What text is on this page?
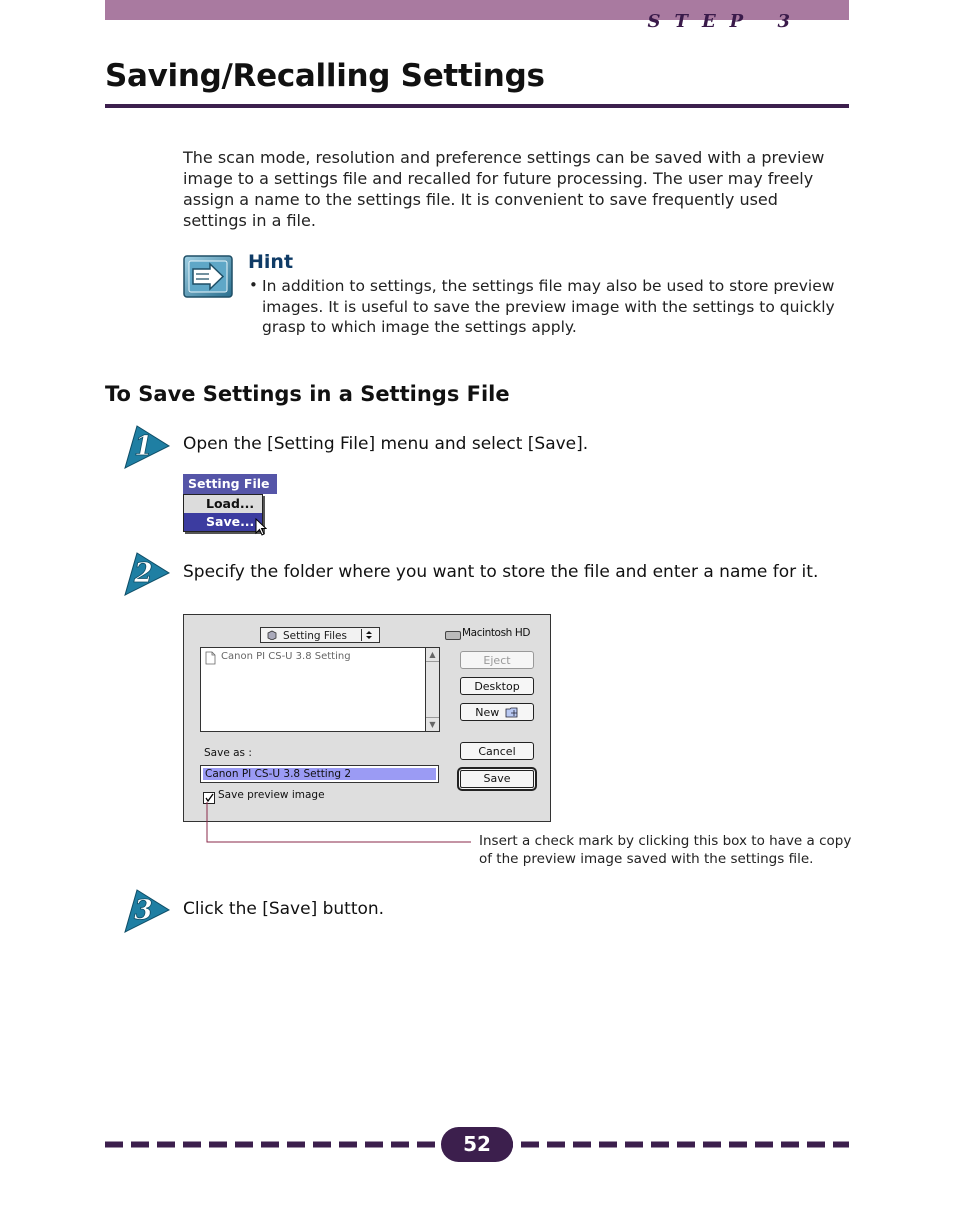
STEP 3
Saving/Recalling Settings

The scan mode, resolution and preference settings can be saved with a preview image to a settings file and recalled for future processing. The user may freely assign a name to the settings file. It is convenient to save frequently used settings in a file.

Hint
• In addition to settings, the settings file may also be used to store preview images. It is useful to save the preview image with the settings to quickly grasp to which image the settings apply.

To Save Settings in a Settings File
1 Open the [Setting File] menu and select [Save].
Setting File
Load...
Save...
2 Specify the folder where you want to store the file and enter a name for it.
Setting Files	Macintosh HD
Canon PI CS-U 3.8 Setting	▲
▼
Eject
Desktop
New
Cancel
Save
Save as :
Canon PI CS-U 3.8 Setting 2
Save preview image

Insert a check mark by clicking this box to have a copy of the preview image saved with the settings file.

3 Click the [Save] button.
52
